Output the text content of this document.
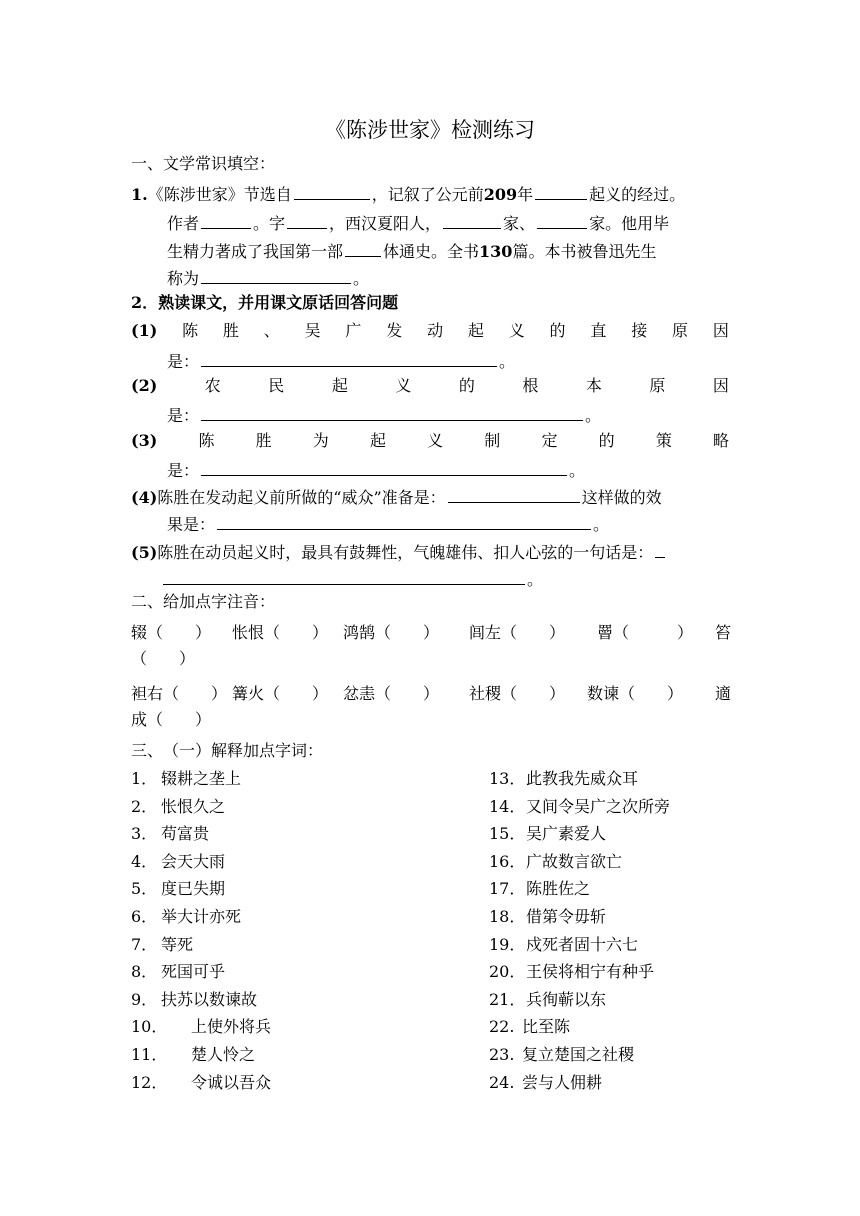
《陈涉世家》检测练习
一、文学常识填空：
1.《陈涉世家》节选自	，记叙了公元前209年	起义的经过。
作者	。字	，西汉夏阳人，	家、	家。他用毕
生精力著成了我国第一部	体通史。全书130篇。本书被鲁迅先生
称为	。
2．熟读课文，并用课文原话回答问题
(1) 陈 胜 、 吴 广 发 动 起 义 的 直 接 原 因
是：	。
(2)	农	民	起	义	的	根	本	原	因
是：	。
(3)	陈	胜	为	起	义	制	定	的	策	略
是：	。
(4)陈胜在发动起义前所做的“威众”准备是：	这样做的效
果是：	。
(5)陈胜在动员起义时，最具有鼓舞性，气魄雄伟、扣人心弦的一句话是：
。
二、给加点字注音：
辍（　　） 怅恨（　　） 鸿鹄（　　） 闾左（　　） 罾（　　　） 笞
（　　）
袒右（　　） 篝火（　　） 忿恚（　　） 社稷（　　） 数谏（　　） 適
成（　　）
三、　（一）解释加点字词：
1． 辍耕之垄上
2． 怅恨久之
3． 苟富贵
4． 会天大雨
5． 度已失期
6． 举大计亦死
7． 等死
8． 死国可乎
9． 扶苏以数谏故
10． 上使外将兵
11． 楚人怜之
12． 令诚以吾众
13． 此教我先威众耳
14． 又间令吴广之次所旁
15． 吴广素爱人
16． 广故数言欲亡
17． 陈胜佐之
18． 借第令毋斩
19． 戍死者固十六七
20． 王侯将相宁有种乎
21． 兵徇蕲以东
22. 比至陈
23. 复立楚国之社稷
24. 尝与人佣耕
